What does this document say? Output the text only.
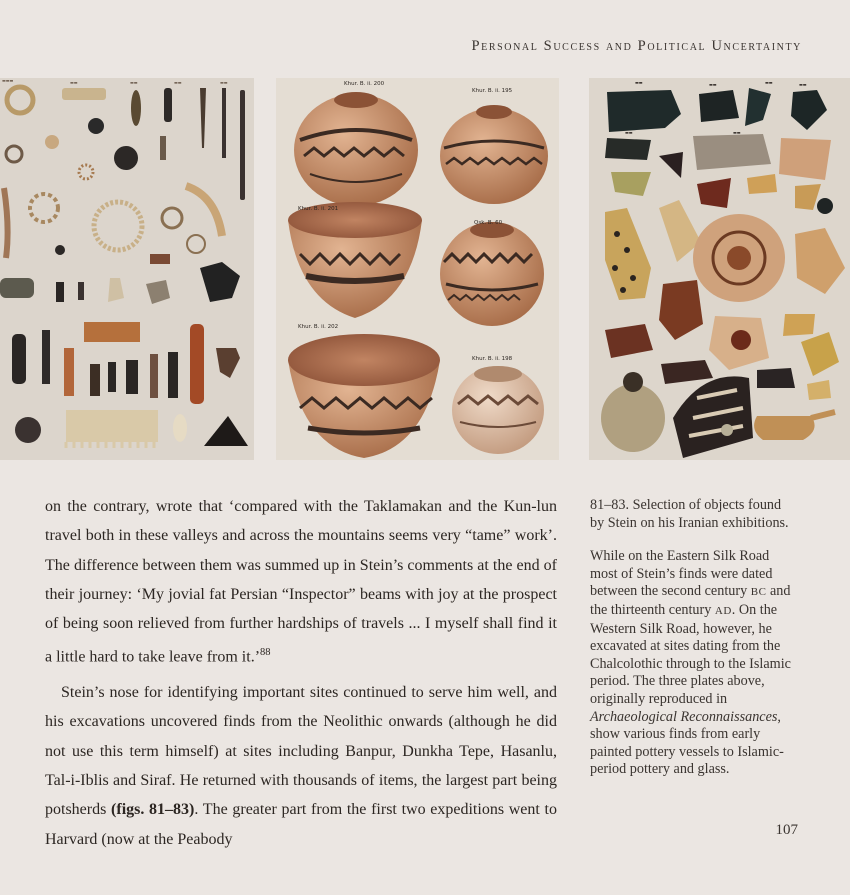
Personal Success and Political Uncertainty
▬▬▬	▬▬	▬▬	▬▬	▬▬	Khur. B. ii. 200
Khur. B. ii. 195
Khur. B. ii. 201
Qsk. B. 60
Khur. B. ii. 202
Khur. B. ii. 198
▬▬	▬▬	▬▬	▬▬
▬▬	▬▬

on the contrary, wrote that ‘compared with the Taklamakan and the Kun-lun travel both in these valleys and across the mountains seems very “tame” work’. The difference between them was summed up in Stein’s comments at the end of their journey: ‘My jovial fat Persian “Inspector” beams with joy at the prospect of being soon relieved from further hardships of travels ... I myself shall find it a little hard to take leave from it.’$^{88}$

Stein’s nose for identifying important sites continued to serve him well, and his excavations uncovered finds from the Neolithic onwards (although he did not use this term himself) at sites including Banpur, Dunkha Tepe, Hasanlu, Tal-i-Iblis and Siraf. He returned with thousands of items, the largest part being potsherds (figs. 81–83). The greater part from the first two expeditions went to Harvard (now at the Peabody

81–83. Selection of objects found by Stein on his Iranian exhibitions.

While on the Eastern Silk Road most of Stein’s finds were dated between the second century BC and the thirteenth century AD. On the Western Silk Road, however, he excavated at sites dating from the Chalcolothic through to the Islamic period. The three plates above, originally reproduced in Archaeological Reconnaissances, show various finds from early painted pottery vessels to Islamic-period pottery and glass.

107
